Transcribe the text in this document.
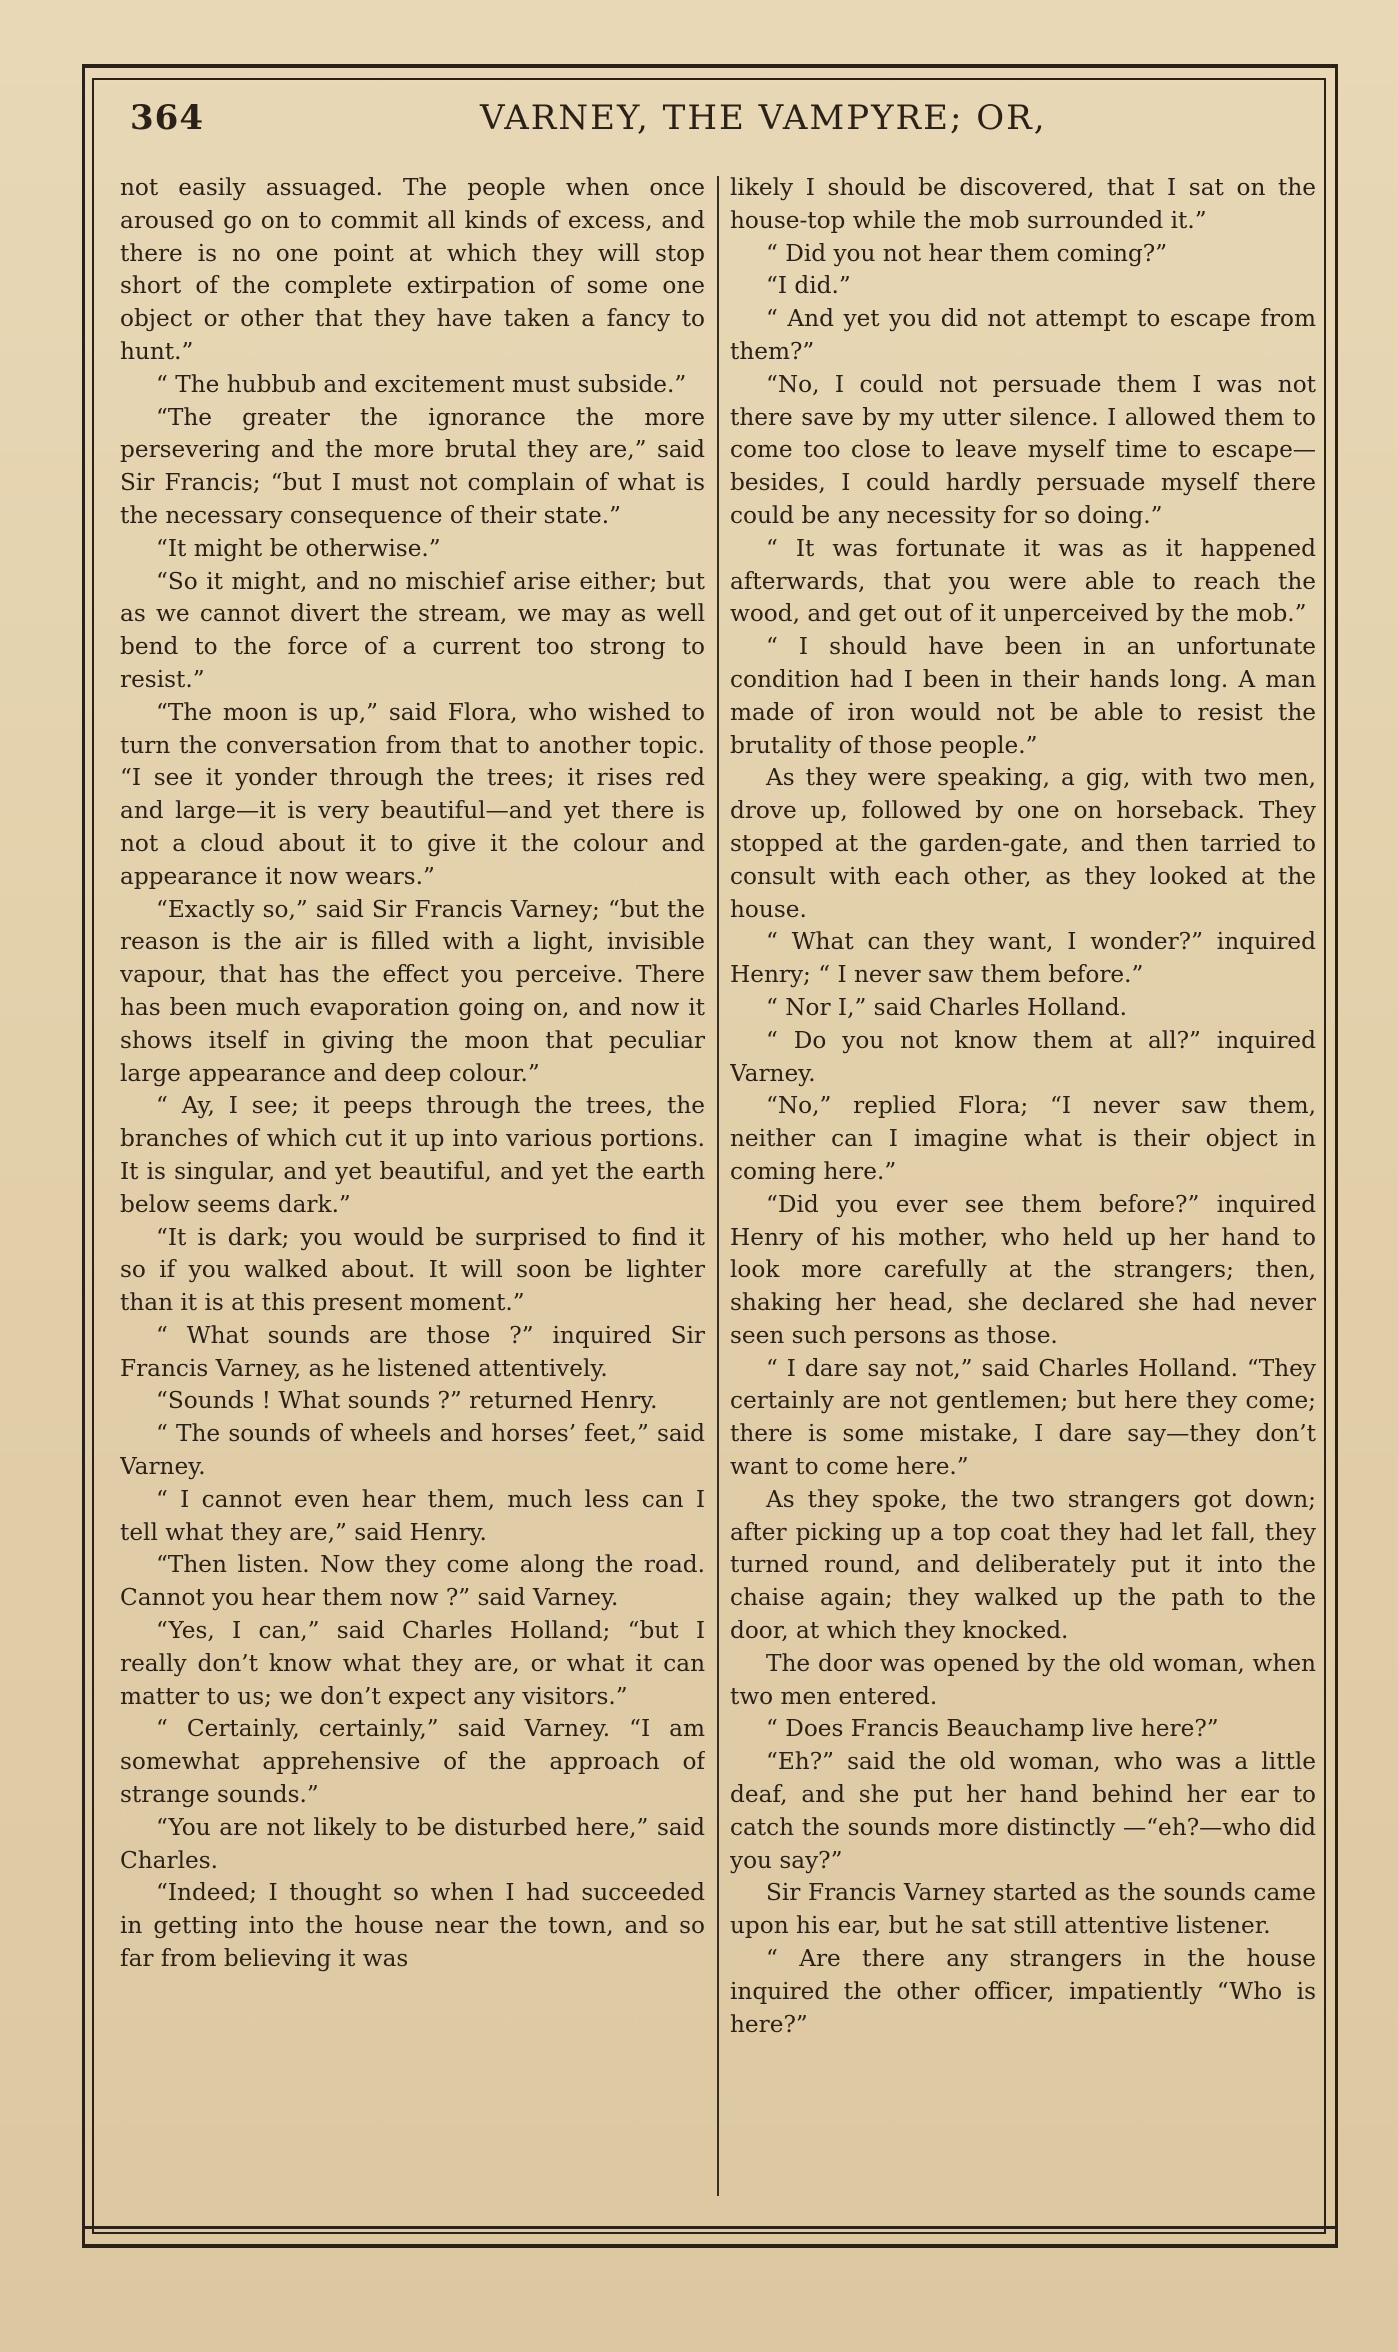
364	VARNEY, THE VAMPYRE; OR,

not easily assuaged. The people when once aroused go on to commit all kinds of excess, and there is no one point at which they will stop short of the complete extirpation of some one object or other that they have taken a fancy to hunt.”

“ The hubbub and excitement must subside.”

“The greater the ignorance the more persevering and the more brutal they are,” said Sir Francis; “but I must not complain of what is the necessary consequence of their state.”

“It might be otherwise.”

“So it might, and no mischief arise either; but as we cannot divert the stream, we may as well bend to the force of a current too strong to resist.”

“The moon is up,” said Flora, who wished to turn the conversation from that to another topic. “I see it yonder through the trees; it rises red and large—it is very beautiful—and yet there is not a cloud about it to give it the colour and appearance it now wears.”

“Exactly so,” said Sir Francis Varney; “but the reason is the air is filled with a light, invisible vapour, that has the effect you perceive. There has been much evaporation going on, and now it shows itself in giving the moon that peculiar large appearance and deep colour.”

“ Ay, I see; it peeps through the trees, the branches of which cut it up into various portions. It is singular, and yet beautiful, and yet the earth below seems dark.”

“It is dark; you would be surprised to find it so if you walked about. It will soon be lighter than it is at this present moment.”

“ What sounds are those ?” inquired Sir Francis Varney, as he listened attentively.

“Sounds ! What sounds ?” returned Henry.

“ The sounds of wheels and horses’ feet,” said Varney.

“ I cannot even hear them, much less can I tell what they are,” said Henry.

“Then listen. Now they come along the road. Cannot you hear them now ?” said Varney.

“Yes, I can,” said Charles Holland; “but I really don’t know what they are, or what it can matter to us; we don’t expect any visitors.”

“ Certainly, certainly,” said Varney. “I am somewhat apprehensive of the approach of strange sounds.”

“You are not likely to be disturbed here,” said Charles.

“Indeed; I thought so when I had succeeded in getting into the house near the town, and so far from believing it was

likely I should be discovered, that I sat on the house-top while the mob surrounded it.”

“ Did you not hear them coming?”

“I did.”

“ And yet you did not attempt to escape from them?”

“No, I could not persuade them I was not there save by my utter silence. I allowed them to come too close to leave myself time to escape—besides, I could hardly persuade myself there could be any necessity for so doing.”

“ It was fortunate it was as it happened afterwards, that you were able to reach the wood, and get out of it unperceived by the mob.”

“ I should have been in an unfortunate condition had I been in their hands long. A man made of iron would not be able to resist the brutality of those people.”

As they were speaking, a gig, with two men, drove up, followed by one on horseback. They stopped at the garden-gate, and then tarried to consult with each other, as they looked at the house.

“ What can they want, I wonder?” inquired Henry; “ I never saw them before.”

“ Nor I,” said Charles Holland.

“ Do you not know them at all?” inquired Varney.

“No,” replied Flora; “I never saw them, neither can I imagine what is their object in coming here.”

“Did you ever see them before?” inquired Henry of his mother, who held up her hand to look more carefully at the strangers; then, shaking her head, she declared she had never seen such persons as those.

“ I dare say not,” said Charles Holland. “They certainly are not gentlemen; but here they come; there is some mistake, I dare say—they don’t want to come here.”

As they spoke, the two strangers got down; after picking up a top coat they had let fall, they turned round, and deliberately put it into the chaise again; they walked up the path to the door, at which they knocked.

The door was opened by the old woman, when two men entered.

“ Does Francis Beauchamp live here?”

“Eh?” said the old woman, who was a little deaf, and she put her hand behind her ear to catch the sounds more distinctly —“eh?—who did you say?”

Sir Francis Varney started as the sounds came upon his ear, but he sat still attentive listener.

“ Are there any strangers in the house inquired the other officer, impatiently “Who is here?”
